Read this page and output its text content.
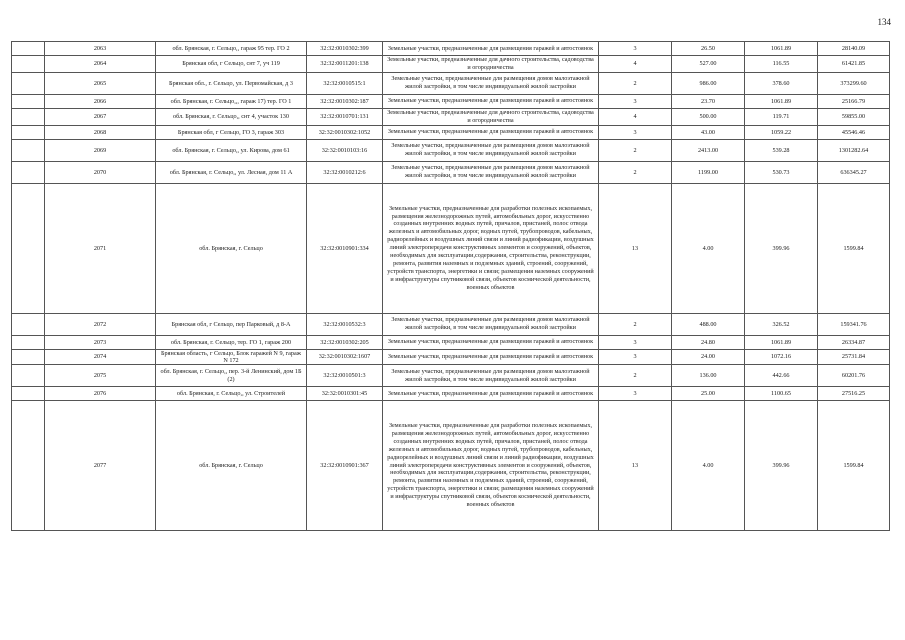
134
	2063	обл. Брянская, г. Сельцо,, гараж 95 тер. ГО 2	32:32:0010302:399	Земельные участки, предназначенные для размещения гаражей и автостоянок	3	26.50	1061.89	28140.09
	2064	Брянская обл, г Сельцо, снт 7, уч 119	32:32:0011201:138	Земельные участки, предназначенные для дачного строительства, садоводства и огородничества	4	527.00	116.55	61421.85
	2065	Брянская обл., г. Сельцо, ул. Первомайская, д 3	32:32:0010515:1	Земельные участки, предназначенные для размещения домов малоэтажной жилой застройки, в том числе индивидуальной жилой застройки	2	986.00	378.60	373299.60
	2066	обл. Брянская, г. Сельцо,,, гараж 17) тер. ГО 1	32:32:0010302:187	Земельные участки, предназначенные для размещения гаражей и автостоянок	3	23.70	1061.89	25166.79
	2067	обл. Брянская, г. Сельцо,, снт 4, участок 130	32:32:0010701:131	Земельные участки, предназначенные для дачного строительства, садоводства и огородничества	4	500.00	119.71	59855.00
	2068	Брянская обл, г Сельцо, ГО 3, гараж 303	32:32:0010302:1052	Земельные участки, предназначенные для размещения гаражей и автостоянок	3	43.00	1059.22	45546.46
	2069	обл. Брянская, г. Сельцо,, ул. Кирова, дом 61	32:32:0010103:16	Земельные участки, предназначенные для размещения домов малоэтажной жилой застройки, в том числе индивидуальной жилой застройки	2	2413.00	539.28	1301282.64
	2070	обл. Брянская, г. Сельцо,, ул. Лесная, дом 11 А	32:32:0010212:6	Земельные участки, предназначенные для размещения домов малоэтажной жилой застройки, в том числе индивидуальной жилой застройки	2	1199.00	530.73	636345.27
	2071	обл. Брянская, г. Сельцо	32:32:0010901:334	Земельные участки, предназначенные для разработки полезных ископаемых, размещения железнодорожных путей, автомобильных дорог, искусственно созданных внутренних водных путей, причалов, пристаней, полос отвода железных и автомобильных дорог, водных путей, трубопроводов, кабельных, радиорелейных и воздушных линий связи и линий радиофикации, воздушных линий электропередачи конструктивных элементов и сооружений, объектов, необходимых для эксплуатации,содержания, строительства, реконструкции, ремонта, развития наземных и подземных зданий, строений, сооружений, устройств транспорта, энергетики и связи; размещения наземных сооружений и инфраструктуры спутниковой связи, объектов космической деятельности, военных объектов	13	4.00	399.96	1599.84
	2072	Брянская обл, г Сельцо, пер Парковый, д 8-А	32:32:0010532:3	Земельные участки, предназначенные для размещения домов малоэтажной жилой застройки, в том числе индивидуальной жилой застройки	2	488.00	326.52	159341.76
	2073	обл. Брянская, г. Сельцо, тер. ГО 1, гараж 200	32:32:0010302:205	Земельные участки, предназначенные для размещения гаражей и автостоянок	3	24.80	1061.89	26334.87
	2074	Брянская область, г Сельцо, Блок гаражей N 9, гараж N 172	32:32:0010302:1607	Земельные участки, предназначенные для размещения гаражей и автостоянок	3	24.00	1072.16	25731.84
	2075	обл. Брянская, г. Сельцо,, пер. 3-й Ленинский, дом 1Б (2)	32:32:0010501:3	Земельные участки, предназначенные для размещения домов малоэтажной жилой застройки, в том числе индивидуальной жилой застройки	2	136.00	442.66	60201.76
	2076	обл. Брянская, г. Сельцо,, ул. Строителей	32:32:0010301:45	Земельные участки, предназначенные для размещения гаражей и автостоянок	3	25.00	1100.65	27516.25
	2077	обл. Брянская, г. Сельцо	32:32:0010901:367	Земельные участки, предназначенные для разработки полезных ископаемых, размещения железнодорожных путей, автомобильных дорог, искусственно созданных внутренних водных путей, причалов, пристаней, полос отвода железных и автомобильных дорог, водных путей, трубопроводов, кабельных, радиорелейных и воздушных линий связи и линий радиофикации, воздушных линий электропередачи конструктивных элементов и сооружений, объектов, необходимых для эксплуатации,содержания, строительства, реконструкции, ремонта, развития наземных и подземных зданий, строений, сооружений, устройств транспорта, энергетики и связи; размещения наземных сооружений и инфраструктуры спутниковой связи, объектов космической деятельности, военных объектов	13	4.00	399.96	1599.84
